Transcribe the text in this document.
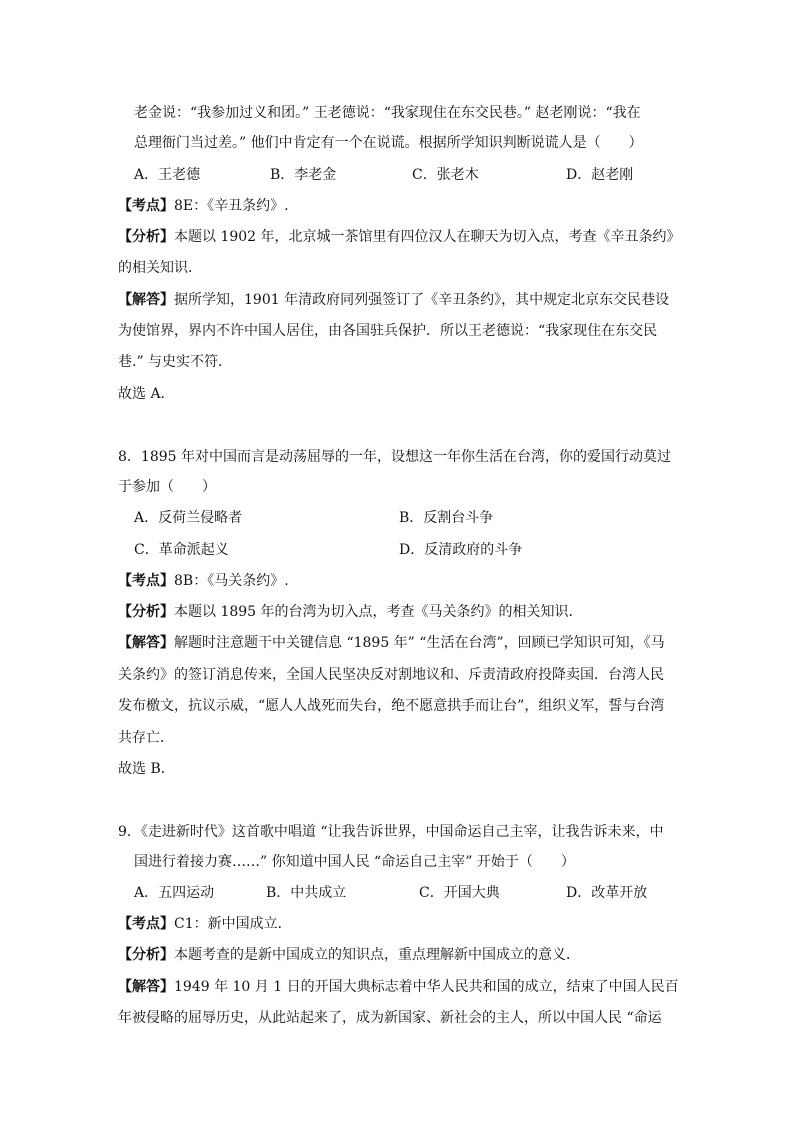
老金说：“我参加过义和团。” 王老德说：“我家现住在东交民巷。” 赵老刚说：“我在
总理衙门当过差。” 他们中肯定有一个在说谎。根据所学知识判断说谎人是（ ）
A．王老德	B．李老金	C．张老木	D．赵老刚
【考点】8E：《辛丑条约》.
【分析】本题以 1902 年，北京城一茶馆里有四位汉人在聊天为切入点，考查《辛丑条约》
的相关知识．
【解答】据所学知，1901 年清政府同列强签订了《辛丑条约》，其中规定北京东交民巷设
为使馆界，界内不许中国人居住，由各国驻兵保护．所以王老德说：“我家现住在东交民
巷.” 与史实不符．
故选 A．
8．1895 年对中国而言是动荡屈辱的一年，设想这一年你生活在台湾，你的爱国行动莫过
于参加（ ）
A．反荷兰侵略者	B．反割台斗争
C．革命派起义	D．反清政府的斗争
【考点】8B：《马关条约》.
【分析】本题以 1895 年的台湾为切入点，考查《马关条约》的相关知识．
【解答】解题时注意题干中关键信息 “1895 年” “生活在台湾”，回顾已学知识可知，《马
关条约》的签订消息传来，全国人民坚决反对割地议和、斥责清政府投降卖国．台湾人民
发布檄文，抗议示威，“愿人人战死而失台，绝不愿意拱手而让台”，组织义军，誓与台湾
共存亡．
故选 B．
9．《走进新时代》这首歌中唱道 “让我告诉世界，中国命运自己主宰，让我告诉未来，中
国进行着接力赛……” 你知道中国人民 “命运自己主宰” 开始于（ ）
A．五四运动	B．中共成立	C．开国大典	D．改革开放
【考点】C1：新中国成立．
【分析】本题考查的是新中国成立的知识点，重点理解新中国成立的意义．
【解答】1949 年 10 月 1 日的开国大典标志着中华人民共和国的成立，结束了中国人民百
年被侵略的屈辱历史，从此站起来了，成为新国家、新社会的主人，所以中国人民 “命运
